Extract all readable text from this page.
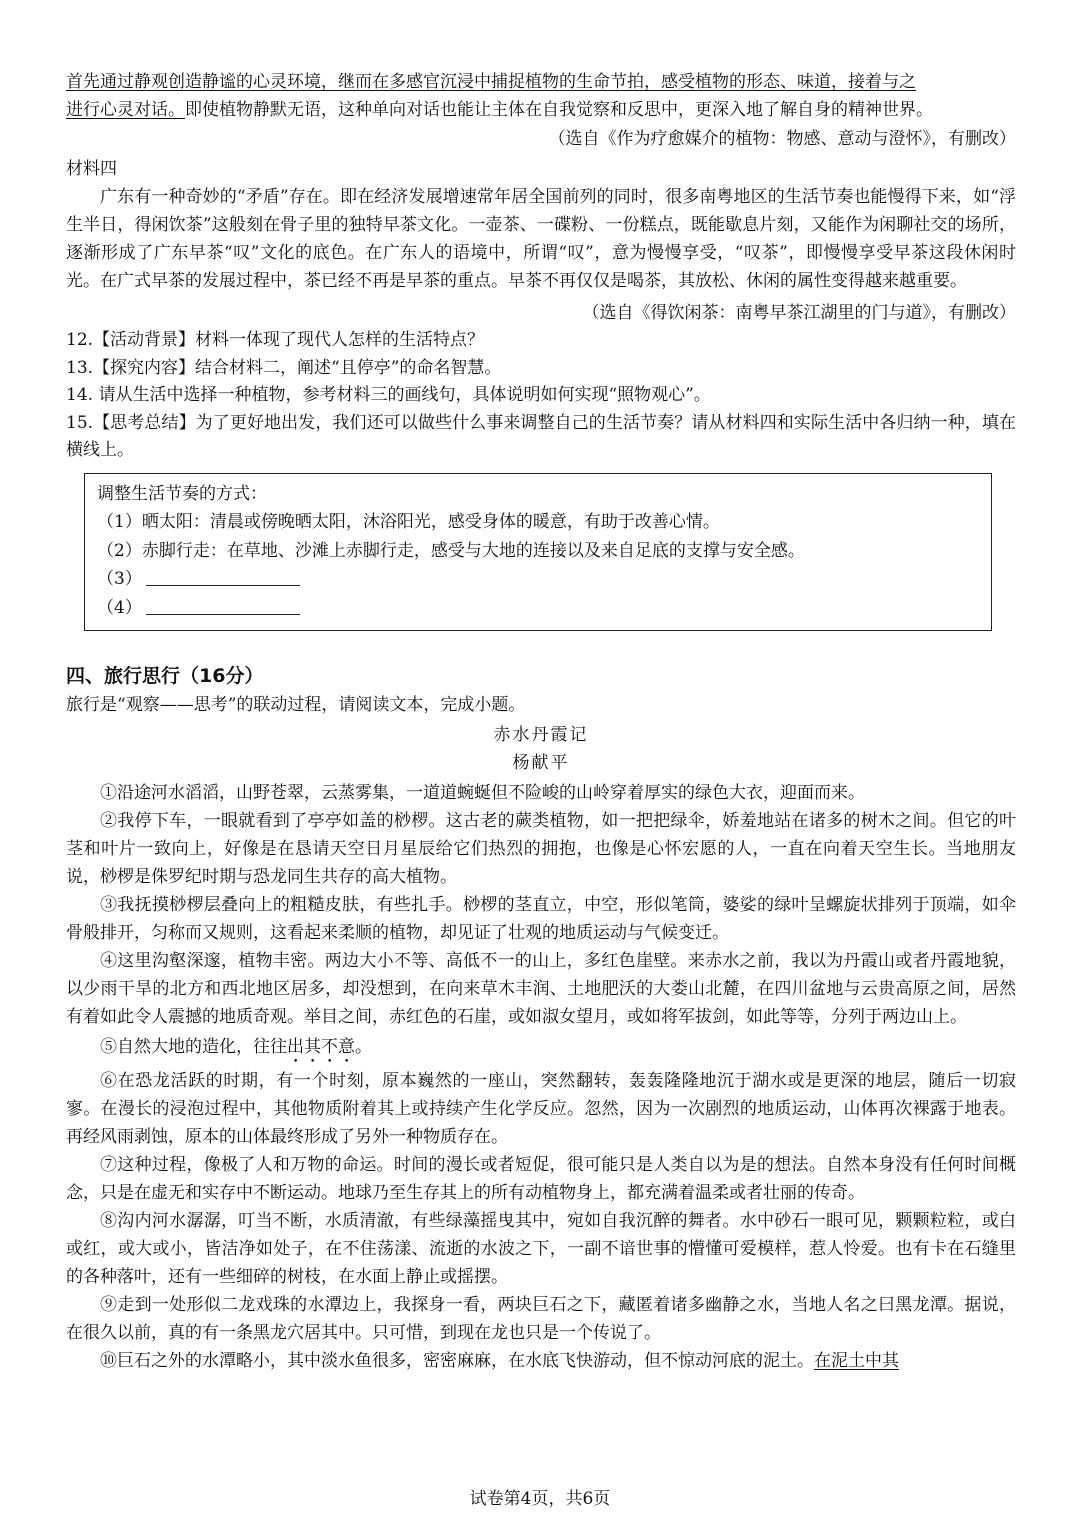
首先通过静观创造静谧的心灵环境，继而在多感官沉浸中捕捉植物的生命节拍，感受植物的形态、味道，接着与之
进行心灵对话。即使植物静默无语，这种单向对话也能让主体在自我觉察和反思中，更深入地了解自身的精神世界。
（选自《作为疗愈媒介的植物：物感、意动与澄怀》，有删改）
材料四

广东有一种奇妙的“矛盾”存在。即在经济发展增速常年居全国前列的同时，很多南粤地区的生活节奏也能慢得下来，如“浮生半日，得闲饮茶”这般刻在骨子里的独特早茶文化。一壶茶、一碟粉、一份糕点，既能歇息片刻，又能作为闲聊社交的场所，逐渐形成了广东早茶“叹”文化的底色。在广东人的语境中，所谓“叹”，意为慢慢享受，“叹茶”，即慢慢享受早茶这段休闲时光。在广式早茶的发展过程中，茶已经不再是早茶的重点。早茶不再仅仅是喝茶，其放松、休闲的属性变得越来越重要。

（选自《得饮闲茶：南粤早茶江湖里的门与道》，有删改）
12.【活动背景】材料一体现了现代人怎样的生活特点？
13.【探究内容】结合材料二，阐述“且停亭”的命名智慧。
14. 请从生活中选择一种植物，参考材料三的画线句，具体说明如何实现“照物观心”。
15.【思考总结】为了更好地出发，我们还可以做些什么事来调整自己的生活节奏？请从材料四和实际生活中各归纳一种，填在横线上。
调整生活节奏的方式：
（1）晒太阳：清晨或傍晚晒太阳，沐浴阳光，感受身体的暖意，有助于改善心情。
（2）赤脚行走：在草地、沙滩上赤脚行走，感受与大地的连接以及来自足底的支撑与安全感。
（3）
（4）
四、旅行思行（16分）
旅行是“观察——思考”的联动过程，请阅读文本，完成小题。
赤水丹霞记
杨献平

①沿途河水滔滔，山野苍翠，云蒸雾集，一道道蜿蜒但不险峻的山岭穿着厚实的绿色大衣，迎面而来。

②我停下车，一眼就看到了亭亭如盖的桫椤。这古老的蕨类植物，如一把把绿伞，娇羞地站在诸多的树木之间。但它的叶茎和叶片一致向上，好像是在恳请天空日月星辰给它们热烈的拥抱，也像是心怀宏愿的人，一直在向着天空生长。当地朋友说，桫椤是侏罗纪时期与恐龙同生共存的高大植物。

③我抚摸桫椤层叠向上的粗糙皮肤，有些扎手。桫椤的茎直立，中空，形似笔筒，婆娑的绿叶呈螺旋状排列于顶端，如伞骨般排开，匀称而又规则，这看起来柔顺的植物，却见证了壮观的地质运动与气候变迁。

④这里沟壑深邃，植物丰密。两边大小不等、高低不一的山上，多红色崖壁。来赤水之前，我以为丹霞山或者丹霞地貌，以少雨干旱的北方和西北地区居多，却没想到，在向来草木丰润、土地肥沃的大娄山北麓，在四川盆地与云贵高原之间，居然有着如此令人震撼的地质奇观。举目之间，赤红色的石崖，或如淑女望月，或如将军拔剑，如此等等，分列于两边山上。

⑤自然大地的造化，往往出其不意。

⑥在恐龙活跃的时期，有一个时刻，原本巍然的一座山，突然翻转，轰轰隆隆地沉于湖水或是更深的地层，随后一切寂寥。在漫长的浸泡过程中，其他物质附着其上或持续产生化学反应。忽然，因为一次剧烈的地质运动，山体再次裸露于地表。再经风雨剥蚀，原本的山体最终形成了另外一种物质存在。

⑦这种过程，像极了人和万物的命运。时间的漫长或者短促，很可能只是人类自以为是的想法。自然本身没有任何时间概念，只是在虚无和实存中不断运动。地球乃至生存其上的所有动植物身上，都充满着温柔或者壮丽的传奇。

⑧沟内河水潺潺，叮当不断，水质清澈，有些绿藻摇曳其中，宛如自我沉醉的舞者。水中砂石一眼可见，颗颗粒粒，或白或红，或大或小，皆洁净如处子，在不住荡漾、流逝的水波之下，一副不谙世事的懵懂可爱模样，惹人怜爱。也有卡在石缝里的各种落叶，还有一些细碎的树枝，在水面上静止或摇摆。

⑨走到一处形似二龙戏珠的水潭边上，我探身一看，两块巨石之下，藏匿着诸多幽静之水，当地人名之曰黑龙潭。据说，在很久以前，真的有一条黑龙穴居其中。只可惜，到现在龙也只是一个传说了。

⑩巨石之外的水潭略小，其中淡水鱼很多，密密麻麻，在水底飞快游动，但不惊动河底的泥土。在泥土中其

试卷第4页，共6页
